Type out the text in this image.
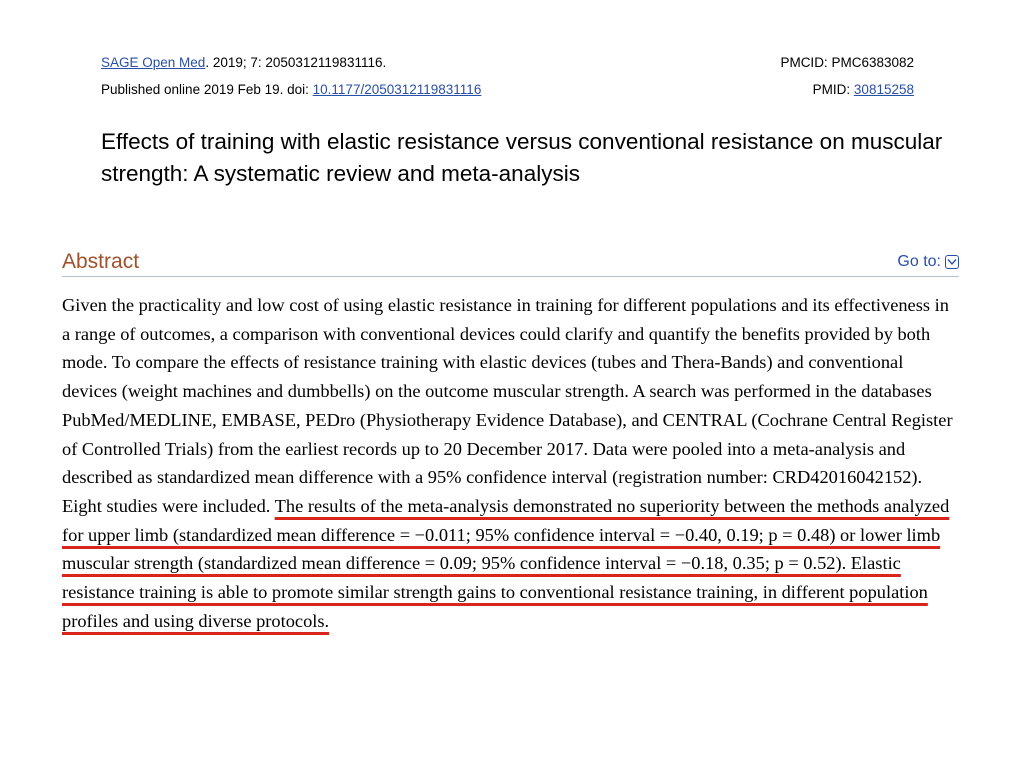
SAGE Open Med. 2019; 7: 2050312119831116.	PMCID: PMC6383082
Published online 2019 Feb 19. doi: 10.1177/2050312119831116	PMID: 30815258
Effects of training with elastic resistance versus conventional resistance on muscular strength: A systematic review and meta-analysis
Abstract	Go to:

Given the practicality and low cost of using elastic resistance in training for different populations and its effectiveness in a range of outcomes, a comparison with conventional devices could clarify and quantify the benefits provided by both mode. To compare the effects of resistance training with elastic devices (tubes and Thera-Bands) and conventional devices (weight machines and dumbbells) on the outcome muscular strength. A search was performed in the databases PubMed/MEDLINE, EMBASE, PEDro (Physiotherapy Evidence Database), and CENTRAL (Cochrane Central Register of Controlled Trials) from the earliest records up to 20 December 2017. Data were pooled into a meta-analysis and described as standardized mean difference with a 95% confidence interval (registration number: CRD42016042152). Eight studies were included. The results of the meta-analysis demonstrated no superiority between the methods analyzed for upper limb (standardized mean difference = −0.011; 95% confidence interval = −0.40, 0.19; p = 0.48) or lower limb muscular strength (standardized mean difference = 0.09; 95% confidence interval = −0.18, 0.35; p = 0.52). Elastic resistance training is able to promote similar strength gains to conventional resistance training, in different population profiles and using diverse protocols.
